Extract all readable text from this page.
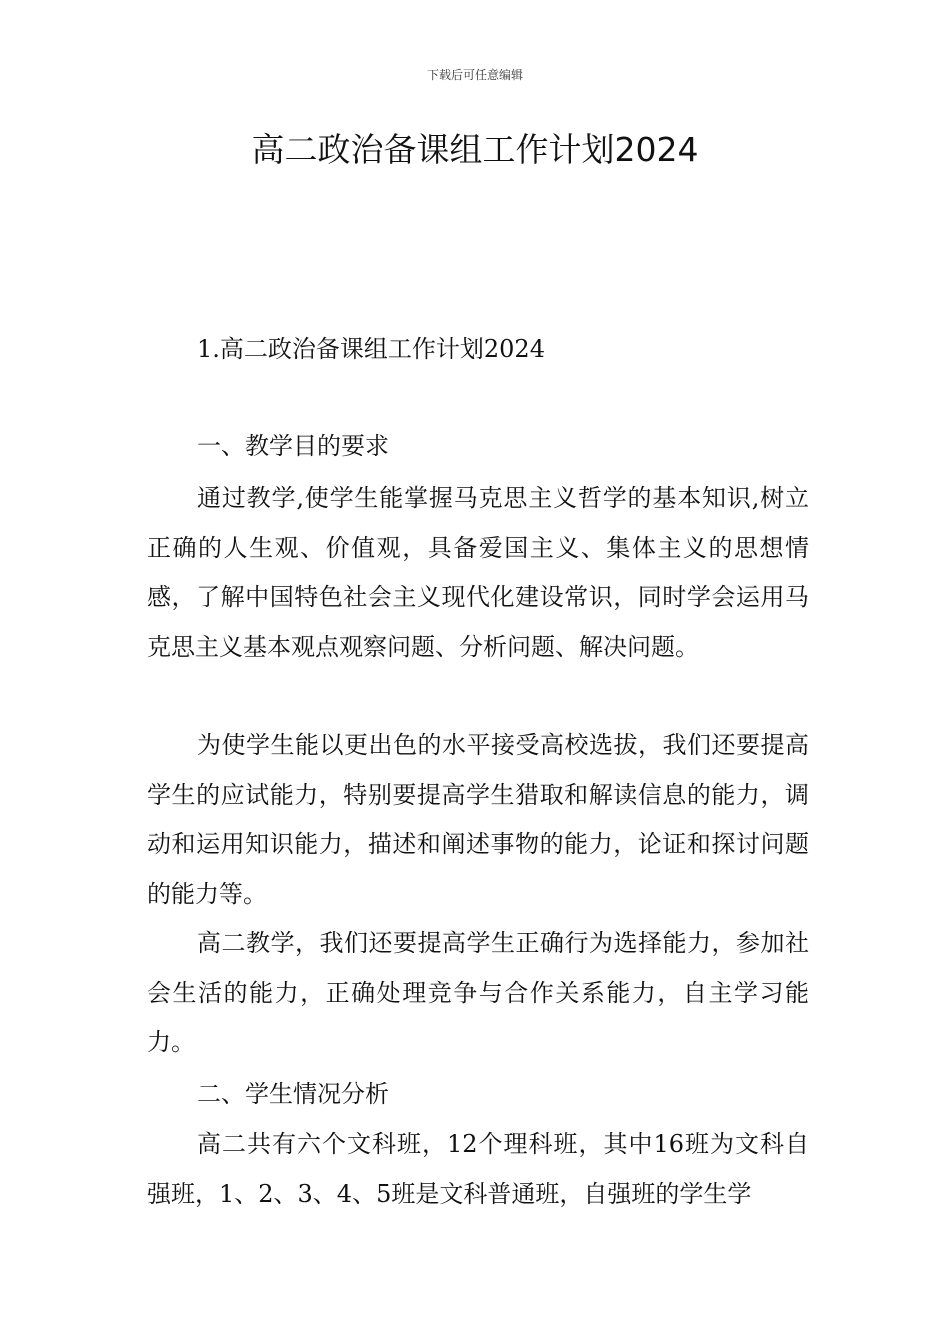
下载后可任意编辑
高二政治备课组工作计划2024

1.高二政治备课组工作计划2024

一、教学目的要求

通过教学,使学生能掌握马克思主义哲学的基本知识,树立正确的人生观、价值观，具备爱国主义、集体主义的思想情感，了解中国特色社会主义现代化建设常识，同时学会运用马克思主义基本观点观察问题、分析问题、解决问题。

为使学生能以更出色的水平接受高校选拔，我们还要提高学生的应试能力，特别要提高学生猎取和解读信息的能力，调动和运用知识能力，描述和阐述事物的能力，论证和探讨问题的能力等。

高二教学，我们还要提高学生正确行为选择能力，参加社会生活的能力，正确处理竞争与合作关系能力，自主学习能力。

二、学生情况分析

高二共有六个文科班，12个理科班，其中16班为文科自强班，1、2、3、4、5班是文科普通班，自强班的学生学
